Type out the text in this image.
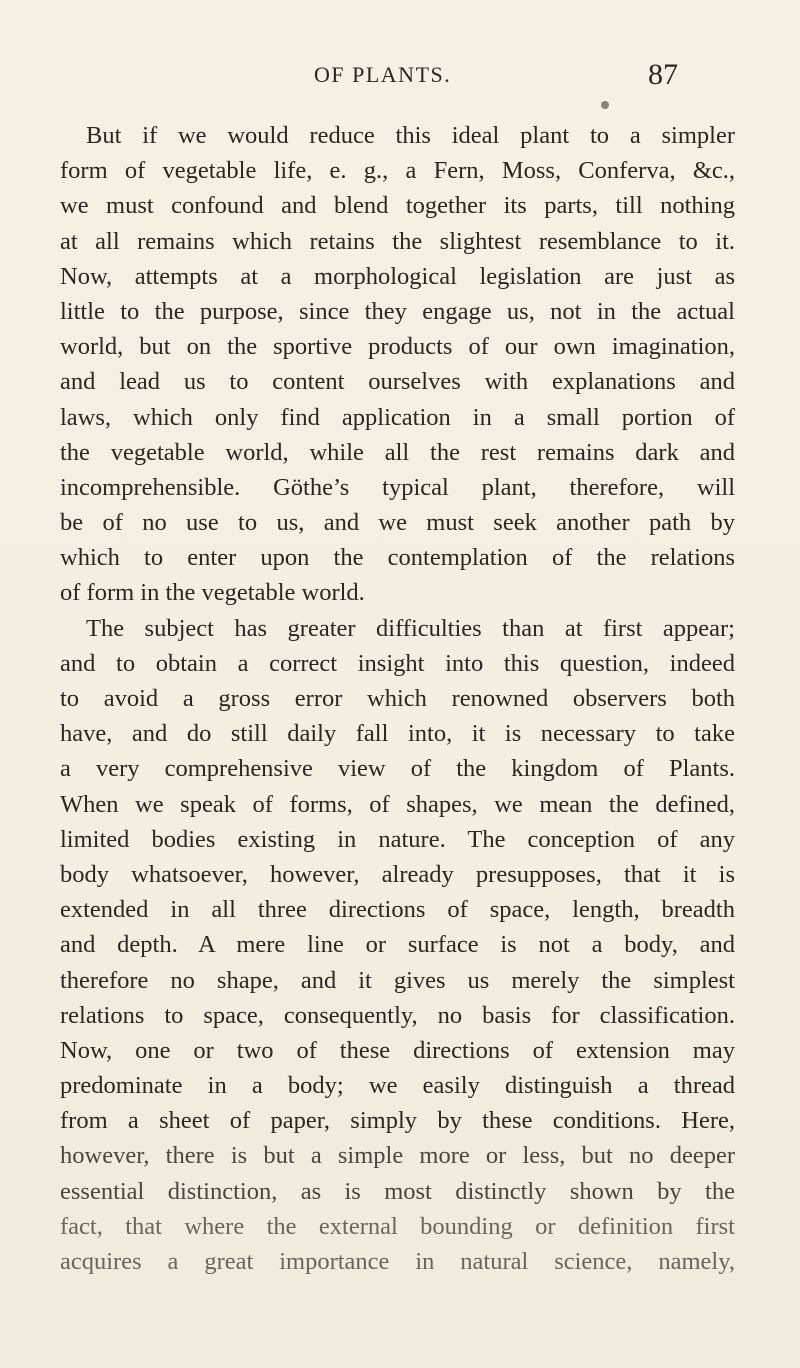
OF PLANTS.	87
But if we would reduce this ideal plant to a simpler
form of vegetable life, e. g., a Fern, Moss, Conferva, &c.,
we must confound and blend together its parts, till nothing
at all remains which retains the slightest resemblance to it.
Now, attempts at a morphological legislation are just as
little to the purpose, since they engage us, not in the actual
world, but on the sportive products of our own imagination,
and lead us to content ourselves with explanations and
laws, which only find application in a small portion of
the vegetable world, while all the rest remains dark and
incomprehensible. Göthe’s typical plant, therefore, will
be of no use to us, and we must seek another path by
which to enter upon the contemplation of the relations
of form in the vegetable world.
The subject has greater difficulties than at first appear;
and to obtain a correct insight into this question, indeed
to avoid a gross error which renowned observers both
have, and do still daily fall into, it is necessary to take
a very comprehensive view of the kingdom of Plants.
When we speak of forms, of shapes, we mean the defined,
limited bodies existing in nature. The conception of any
body whatsoever, however, already presupposes, that it is
extended in all three directions of space, length, breadth
and depth. A mere line or surface is not a body, and
therefore no shape, and it gives us merely the simplest
relations to space, consequently, no basis for classification.
Now, one or two of these directions of extension may
predominate in a body; we easily distinguish a thread
from a sheet of paper, simply by these conditions. Here,
however, there is but a simple more or less, but no deeper
essential distinction, as is most distinctly shown by the
fact, that where the external bounding or definition first
acquires a great importance in natural science, namely,
